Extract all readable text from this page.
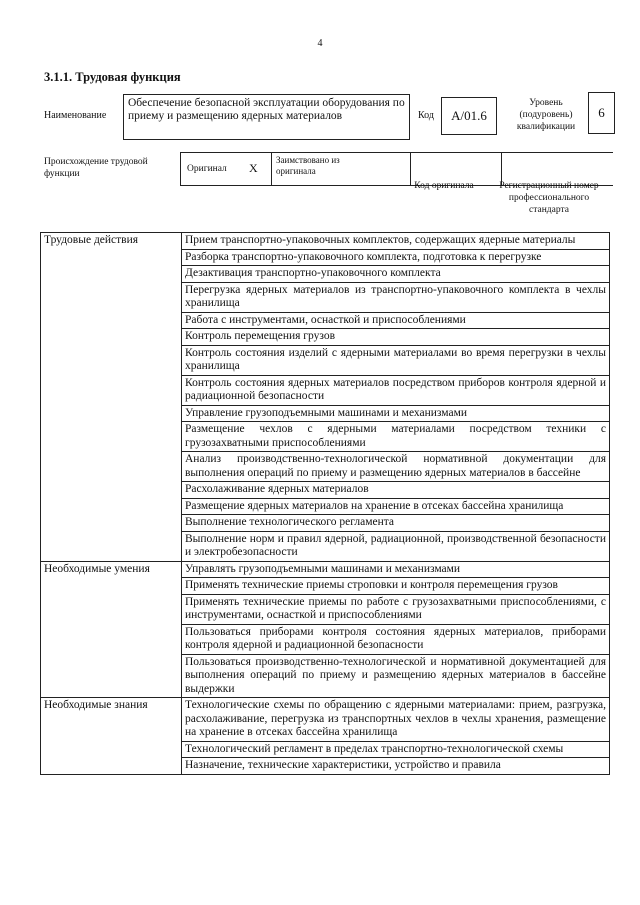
4
3.1.1. Трудовая функция
Наименование
Обеспечение безопасной эксплуатации оборудования по приему и размещению ядерных материалов	Код	A/01.6
Уровень (подуровень) квалификации
6
Происхождение трудовой функции	Оригинал X
Заимствовано из оригинала
Код оригинала	Регистрационный номер профессионального стандарта
Трудовые действия	Прием транспортно-упаковочных комплектов, содержащих ядерные материалы
	Разборка транспортно-упаковочного комплекта, подготовка к перегрузке
	Дезактивация транспортно-упаковочного комплекта
	Перегрузка ядерных материалов из транспортно-упаковочного комплекта в чехлы хранилища
	Работа с инструментами, оснасткой и приспособлениями
	Контроль перемещения грузов
	Контроль состояния изделий с ядерными материалами во время перегрузки в чехлы хранилища
	Контроль состояния ядерных материалов посредством приборов контроля ядерной и радиационной безопасности
	Управление грузоподъемными машинами и механизмами
	Размещение чехлов с ядерными материалами посредством техники с грузозахватными приспособлениями
	Анализ производственно-технологической нормативной документации для выполнения операций по приему и размещению ядерных материалов в бассейне
	Расхолаживание ядерных материалов
	Размещение ядерных материалов на хранение в отсеках бассейна хранилища
	Выполнение технологического регламента
	Выполнение норм и правил ядерной, радиационной, производственной безопасности и электробезопасности
Необходимые умения	Управлять грузоподъемными машинами и механизмами
	Применять технические приемы строповки и контроля перемещения грузов
	Применять технические приемы по работе с грузозахватными приспособлениями, с инструментами, оснасткой и приспособлениями
	Пользоваться приборами контроля состояния ядерных материалов, приборами контроля ядерной и радиационной безопасности
	Пользоваться производственно-технологической и нормативной документацией для выполнения операций по приему и размещению ядерных материалов в бассейне выдержки
Необходимые знания	Технологические схемы по обращению с ядерными материалами: прием, разгрузка, расхолаживание, перегрузка из транспортных чехлов в чехлы хранения, размещение на хранение в отсеках бассейна хранилища
	Технологический регламент в пределах транспортно-технологической схемы
	Назначение, технические характеристики, устройство и правила
